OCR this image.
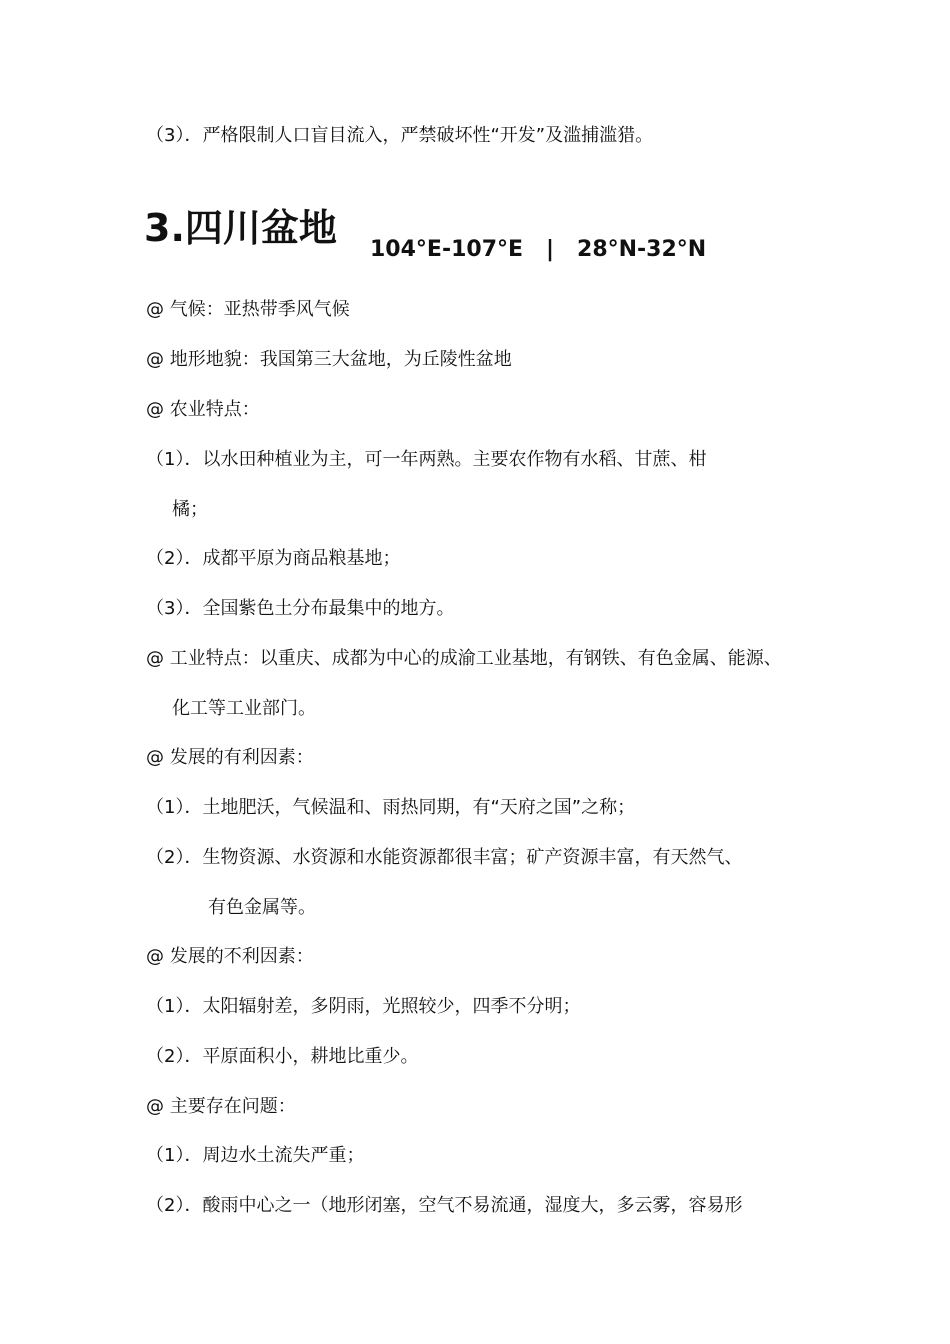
（3）．严格限制人口盲目流入，严禁破坏性“开发”及滥捕滥猎。
3.四川盆地 104°E-107°E   |   28°N-32°N
@ 气候：亚热带季风气候
@ 地形地貌：我国第三大盆地，为丘陵性盆地
@ 农业特点：
（1）．以水田种植业为主，可一年两熟。主要农作物有水稻、甘蔗、柑
橘；
（2）．成都平原为商品粮基地；
（3）．全国紫色土分布最集中的地方。
@ 工业特点：以重庆、成都为中心的成渝工业基地，有钢铁、有色金属、能源、
化工等工业部门。
@ 发展的有利因素：
（1）．土地肥沃，气候温和、雨热同期，有“天府之国”之称；
（2）．生物资源、水资源和水能资源都很丰富；矿产资源丰富，有天然气、
有色金属等。
@ 发展的不利因素：
（1）．太阳辐射差，多阴雨，光照较少，四季不分明；
（2）．平原面积小，耕地比重少。
@ 主要存在问题：
（1）．周边水土流失严重；
（2）．酸雨中心之一（地形闭塞，空气不易流通，湿度大，多云雾，容易形
